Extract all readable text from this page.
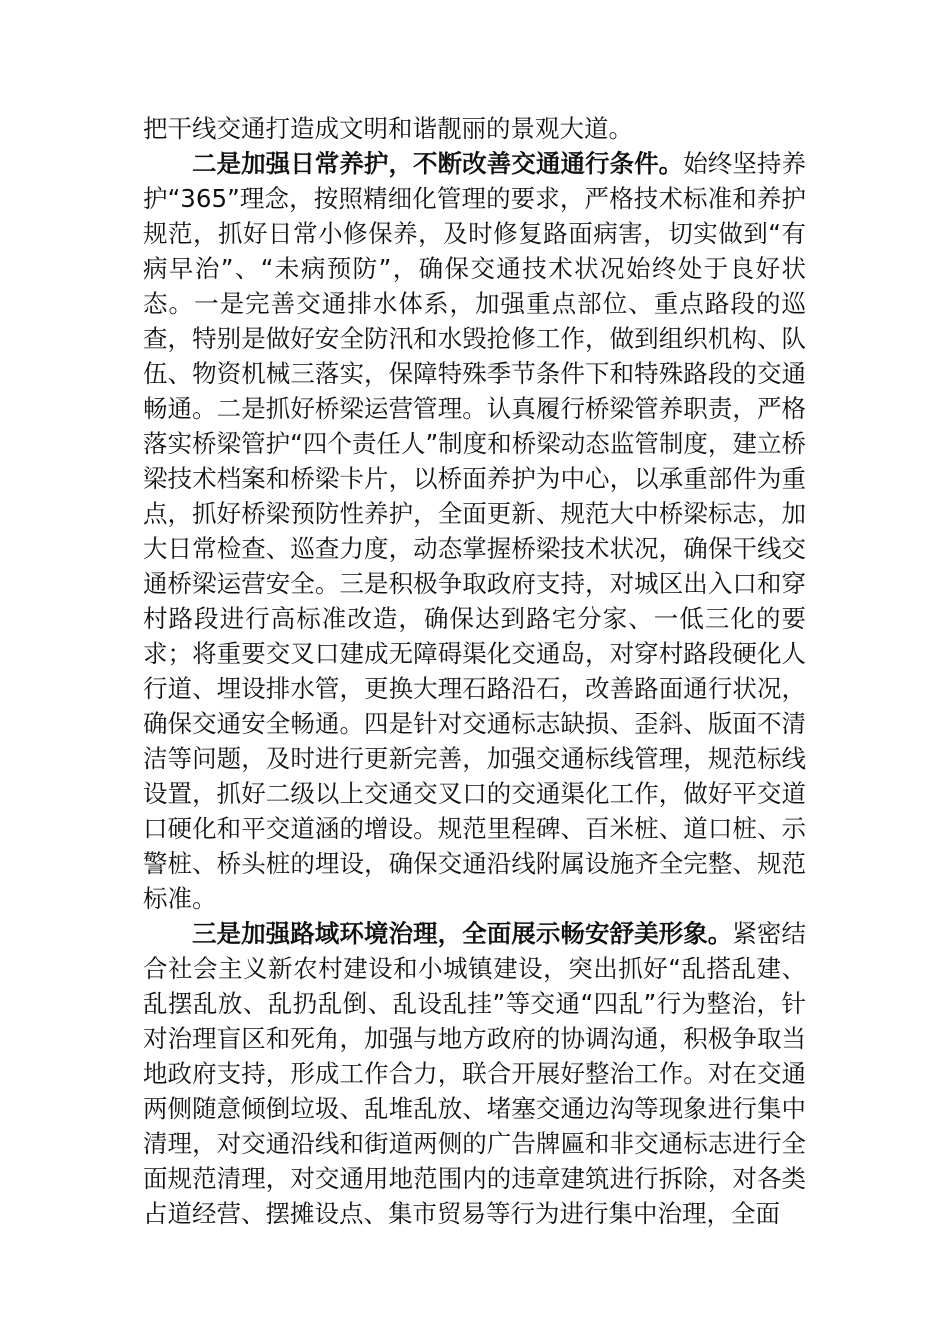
把干线交通打造成文明和谐靓丽的景观大道。

二是加强日常养护，不断改善交通通行条件。始终坚持养护“365”理念，按照精细化管理的要求，严格技术标准和养护规范，抓好日常小修保养，及时修复路面病害，切实做到“有病早治”、“未病预防”，确保交通技术状况始终处于良好状态。一是完善交通排水体系，加强重点部位、重点路段的巡查，特别是做好安全防汛和水毁抢修工作，做到组织机构、队伍、物资机械三落实，保障特殊季节条件下和特殊路段的交通畅通。二是抓好桥梁运营管理。认真履行桥梁管养职责，严格落实桥梁管护“四个责任人”制度和桥梁动态监管制度，建立桥梁技术档案和桥梁卡片，以桥面养护为中心，以承重部件为重点，抓好桥梁预防性养护，全面更新、规范大中桥梁标志，加大日常检查、巡查力度，动态掌握桥梁技术状况，确保干线交通桥梁运营安全。三是积极争取政府支持，对城区出入口和穿村路段进行高标准改造，确保达到路宅分家、一低三化的要求；将重要交叉口建成无障碍渠化交通岛，对穿村路段硬化人行道、埋设排水管，更换大理石路沿石，改善路面通行状况，确保交通安全畅通。四是针对交通标志缺损、歪斜、版面不清洁等问题，及时进行更新完善，加强交通标线管理，规范标线设置，抓好二级以上交通交叉口的交通渠化工作，做好平交道口硬化和平交道涵的增设。规范里程碑、百米桩、道口桩、示警桩、桥头桩的埋设，确保交通沿线附属设施齐全完整、规范标准。

三是加强路域环境治理，全面展示畅安舒美形象。紧密结合社会主义新农村建设和小城镇建设，突出抓好“乱搭乱建、乱摆乱放、乱扔乱倒、乱设乱挂”等交通“四乱”行为整治，针对治理盲区和死角，加强与地方政府的协调沟通，积极争取当地政府支持，形成工作合力，联合开展好整治工作。对在交通两侧随意倾倒垃圾、乱堆乱放、堵塞交通边沟等现象进行集中清理，对交通沿线和街道两侧的广告牌匾和非交通标志进行全面规范清理，对交通用地范围内的违章建筑进行拆除，对各类占道经营、摆摊设点、集市贸易等行为进行集中治理，全面
